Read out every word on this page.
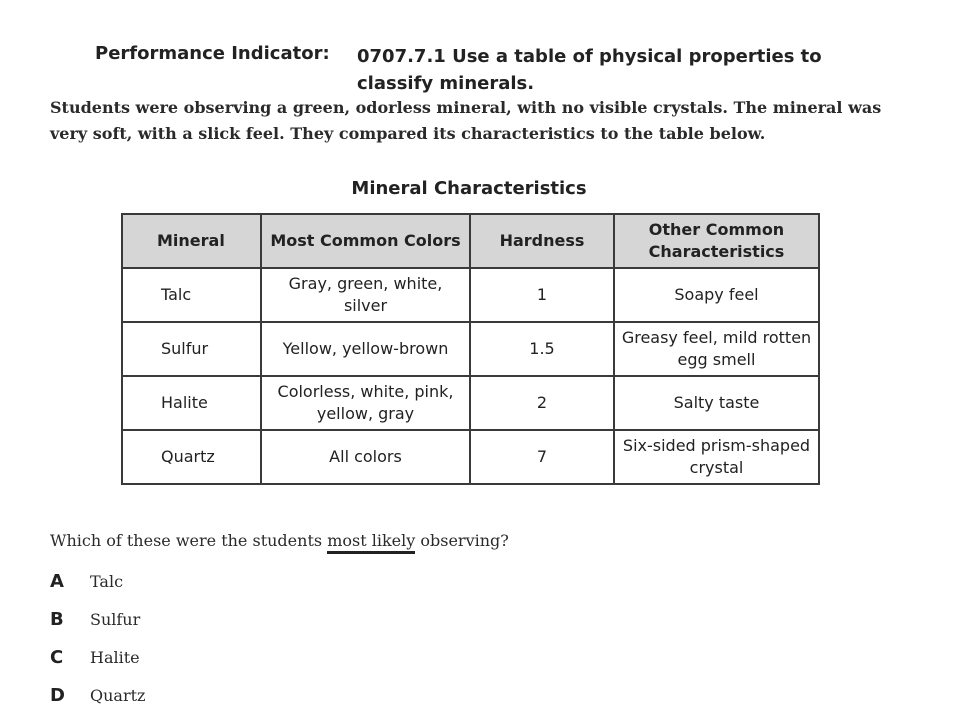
Performance Indicator: 0707.7.1 Use a table of physical properties to classify minerals.
Students were observing a green, odorless mineral, with no visible crystals. The mineral was very soft, with a slick feel. They compared its characteristics to the table below.
Mineral Characteristics
Mineral	Most Common Colors	Hardness	Other Common Characteristics
Talc	Gray, green, white, silver	1	Soapy feel
Sulfur	Yellow, yellow-brown	1.5	Greasy feel, mild rotten egg smell
Halite	Colorless, white, pink, yellow, gray	2	Salty taste
Quartz	All colors	7	Six-sided prism-shaped crystal
Which of these were the students most likely observing?
A	Talc
B	Sulfur
C	Halite
D	Quartz
